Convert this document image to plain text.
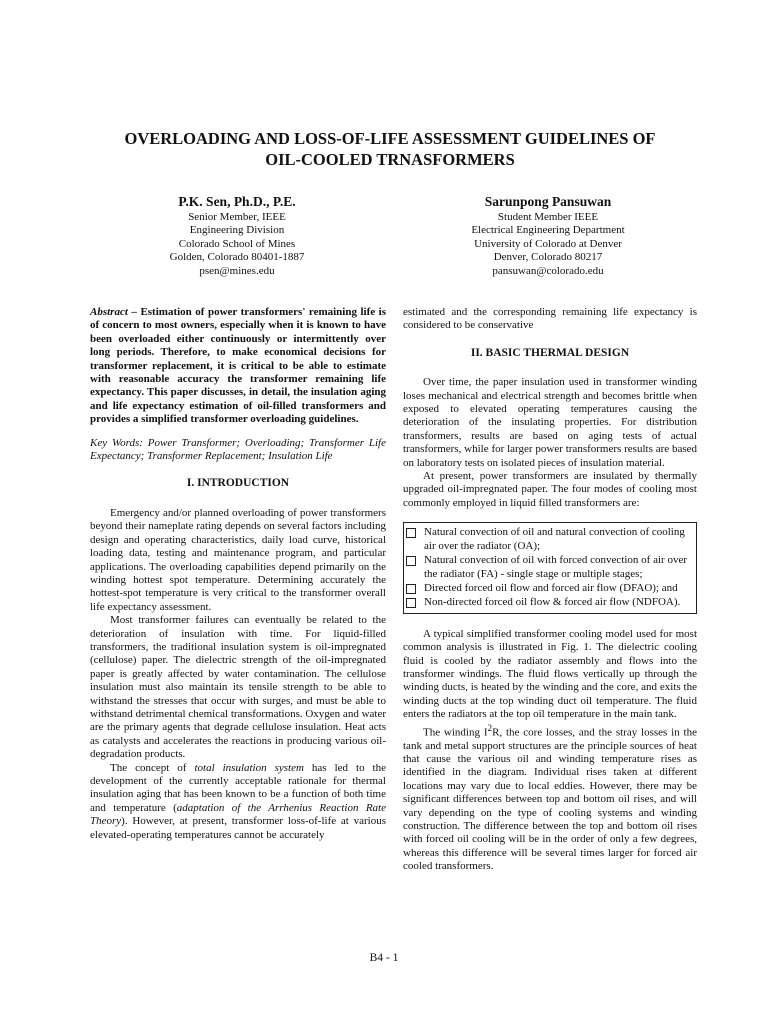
OVERLOADING AND LOSS-OF-LIFE ASSESSMENT GUIDELINES OF
OIL-COOLED TRNASFORMERS
P.K. Sen, Ph.D., P.E.
Senior Member, IEEE
Engineering Division
Colorado School of Mines
Golden, Colorado 80401-1887
psen@mines.edu
Sarunpong Pansuwan
Student Member IEEE
Electrical Engineering Department
University of Colorado at Denver
Denver, Colorado 80217
pansuwan@colorado.edu

Abstract – Estimation of power transformers' remaining life is of concern to most owners, especially when it is known to have been overloaded either continuously or intermittently over long periods. Therefore, to make economical decisions for transformer replacement, it is critical to be able to estimate with reasonable accuracy the transformer remaining life expectancy. This paper discusses, in detail, the insulation aging and life expectancy estimation of oil-filled transformers and provides a simplified transformer overloading guidelines.

Key Words: Power Transformer; Overloading; Transformer Life Expectancy; Transformer Replacement; Insulation Life

I. INTRODUCTION

Emergency and/or planned overloading of power transformers beyond their nameplate rating depends on several factors including design and operating characteristics, daily load curve, historical loading data, testing and maintenance program, and particular applications. The overloading capabilities depend primarily on the winding hottest spot temperature. Determining accurately the hottest-spot temperature is very critical to the transformer overall life expectancy assessment.

Most transformer failures can eventually be related to the deterioration of insulation with time. For liquid-filled transformers, the traditional insulation system is oil-impregnated (cellulose) paper. The dielectric strength of the oil-impregnated paper is greatly affected by water contamination. The cellulose insulation must also maintain its tensile strength to be able to withstand the stresses that occur with surges, and must be able to withstand detrimental chemical transformations. Oxygen and water are the primary agents that degrade cellulose insulation. Heat acts as catalysts and accelerates the reactions in producing various oil-degradation products.

The concept of total insulation system has led to the development of the currently acceptable rationale for thermal insulation aging that has been known to be a function of both time and temperature (adaptation of the Arrhenius Reaction Rate Theory). However, at present, transformer loss-of-life at various elevated-operating temperatures cannot be accurately

estimated and the corresponding remaining life expectancy is considered to be conservative

II. BASIC THERMAL DESIGN

Over time, the paper insulation used in transformer winding loses mechanical and electrical strength and becomes brittle when exposed to elevated operating temperatures causing the deterioration of the insulating properties. For distribution transformers, results are based on aging tests of actual transformers, while for larger power transformers results are based on laboratory tests on isolated pieces of insulation material.

At present, power transformers are insulated by thermally upgraded oil-impregnated paper. The four modes of cooling most commonly employed in liquid filled transformers are:

Natural convection of oil and natural convection of cooling air over the radiator (OA);
Natural convection of oil with forced convection of air over the radiator (FA) - single stage or multiple stages;
Directed forced oil flow and forced air flow (DFAO); and
Non-directed forced oil flow & forced air flow (NDFOA).

A typical simplified transformer cooling model used for most common analysis is illustrated in Fig. 1. The dielectric cooling fluid is cooled by the radiator assembly and flows into the transformer windings. The fluid flows vertically up through the winding ducts, is heated by the winding and the core, and exits the winding ducts at the top winding duct oil temperature. The fluid enters the radiators at the top oil temperature in the main tank.

The winding $I^2R$, the core losses, and the stray losses in the tank and metal support structures are the principle sources of heat that cause the various oil and winding temperature rises as identified in the diagram. Individual rises taken at different locations may vary due to local eddies. However, there may be significant differences between top and bottom oil rises, and will vary depending on the type of cooling systems and winding construction. The difference between the top and bottom oil rises with forced oil cooling will be in the order of only a few degrees, whereas this difference will be several times larger for forced air cooled transformers.

B4 - 1
